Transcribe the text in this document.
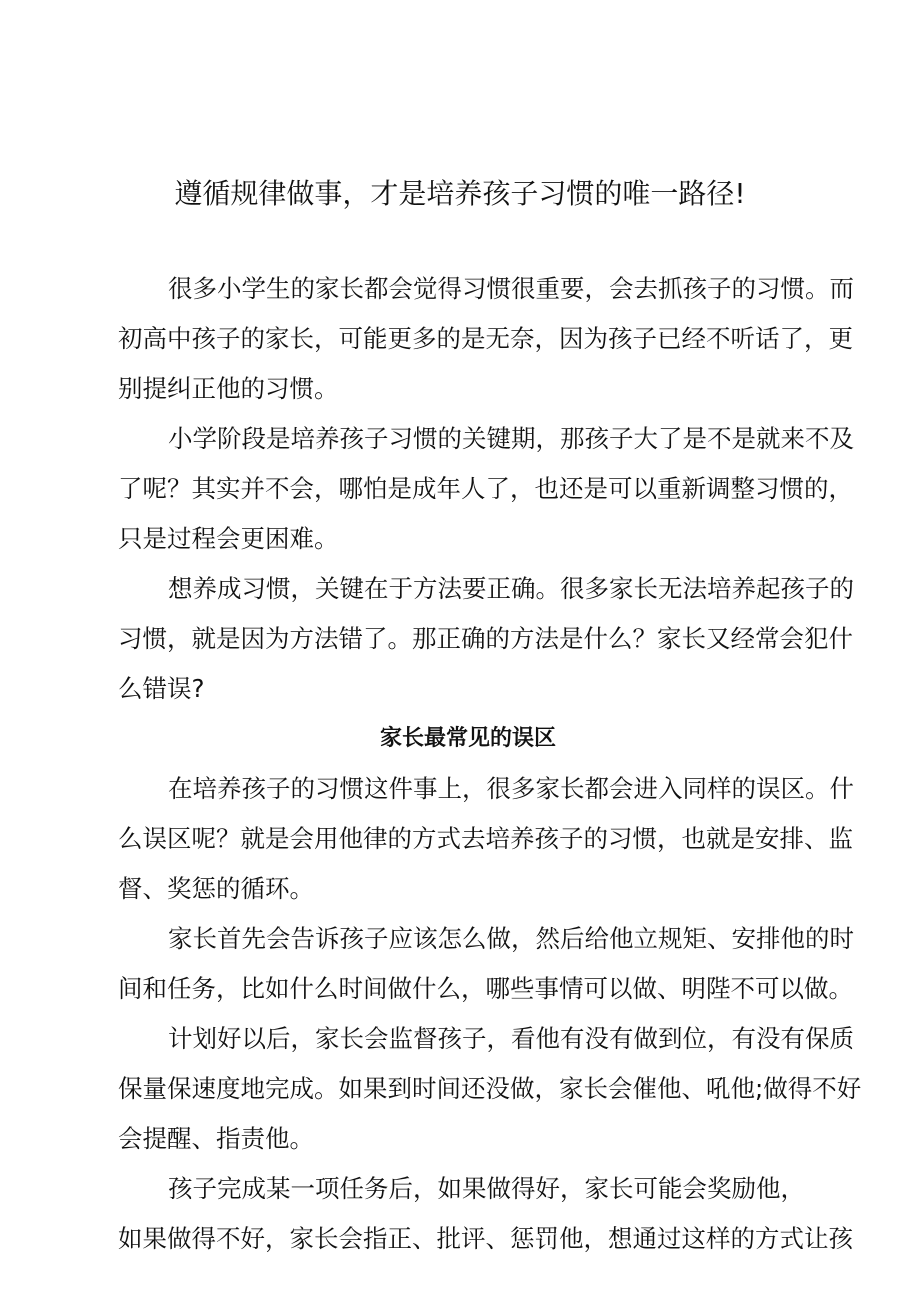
遵循规律做事，才是培养孩子习惯的唯一路径!
很多小学生的家长都会觉得习惯很重要，会去抓孩子的习惯。而
初高中孩子的家长，可能更多的是无奈，因为孩子已经不听话了，更
别提纠正他的习惯。
小学阶段是培养孩子习惯的关键期，那孩子大了是不是就来不及
了呢？其实并不会，哪怕是成年人了，也还是可以重新调整习惯的，
只是过程会更困难。
想养成习惯，关键在于方法要正确。很多家长无法培养起孩子的
习惯，就是因为方法错了。那正确的方法是什么？家长又经常会犯什
么错误?
家长最常见的误区
在培养孩子的习惯这件事上，很多家长都会进入同样的误区。什
么误区呢？就是会用他律的方式去培养孩子的习惯，也就是安排、监
督、奖惩的循环。
家长首先会告诉孩子应该怎么做，然后给他立规矩、安排他的时
间和任务，比如什么时间做什么，哪些事情可以做、明陛不可以做。
计划好以后，家长会监督孩子，看他有没有做到位，有没有保质
保量保速度地完成。如果到时间还没做，家长会催他、吼他;做得不好
会提醒、指责他。
孩子完成某一项任务后，如果做得好，家长可能会奖励他，
如果做得不好，家长会指正、批评、惩罚他，想通过这样的方式让孩
